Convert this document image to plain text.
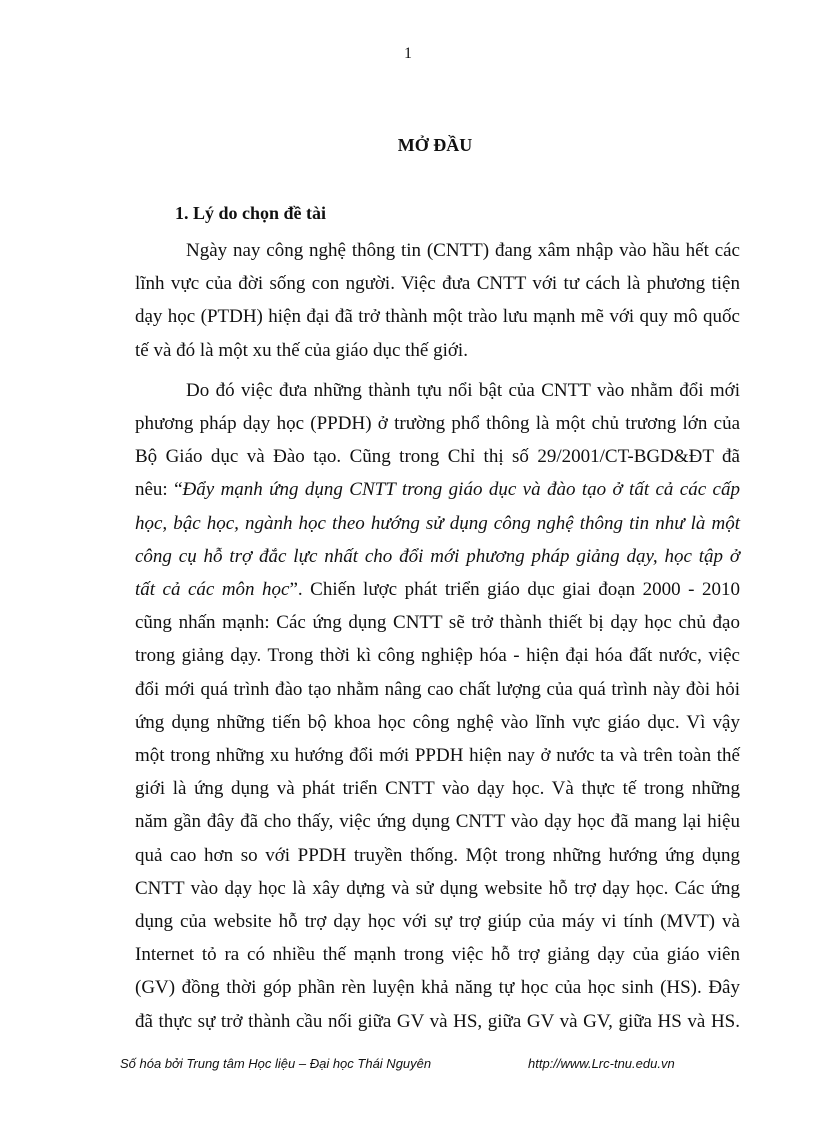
1
MỞ ĐẦU
1. Lý do chọn đề tài
Ngày nay công nghệ thông tin (CNTT) đang xâm nhập vào hầu hết các
lĩnh vực của đời sống con người. Việc đưa CNTT với tư cách là phương tiện
dạy học (PTDH) hiện đại đã trở thành một trào lưu mạnh mẽ với quy mô quốc
tế và đó là một xu thế của giáo dục thế giới.
Do đó việc đưa những thành tựu nổi bật của CNTT vào nhằm đổi mới
phương pháp dạy học (PPDH) ở trường phổ thông là một chủ trương lớn của
Bộ Giáo dục và Đào tạo. Cũng trong Chỉ thị số 29/2001/CT-BGD&ĐT đã
nêu: “Đẩy mạnh ứng dụng CNTT trong giáo dục và đào tạo ở tất cả các cấp
học, bậc học, ngành học theo hướng sử dụng công nghệ thông tin như là một
công cụ hỗ trợ đắc lực nhất cho đổi mới phương pháp giảng dạy, học tập ở
tất cả các môn học”. Chiến lược phát triển giáo dục giai đoạn 2000 - 2010
cũng nhấn mạnh: Các ứng dụng CNTT sẽ trở thành thiết bị dạy học chủ đạo
trong giảng dạy. Trong thời kì công nghiệp hóa - hiện đại hóa đất nước, việc
đổi mới quá trình đào tạo nhằm nâng cao chất lượng của quá trình này đòi hỏi
ứng dụng những tiến bộ khoa học công nghệ vào lĩnh vực giáo dục. Vì vậy
một trong những xu hướng đổi mới PPDH hiện nay ở nước ta và trên toàn thế
giới là ứng dụng và phát triển CNTT vào dạy học. Và thực tế trong những
năm gần đây đã cho thấy, việc ứng dụng CNTT vào dạy học đã mang lại hiệu
quả cao hơn so với PPDH truyền thống. Một trong những hướng ứng dụng
CNTT vào dạy học là xây dựng và sử dụng website hỗ trợ dạy học. Các ứng
dụng của website hỗ trợ dạy học với sự trợ giúp của máy vi tính (MVT) và
Internet tỏ ra có nhiều thế mạnh trong việc hỗ trợ giảng dạy của giáo viên
(GV) đồng thời góp phần rèn luyện khả năng tự học của học sinh (HS). Đây
đã thực sự trở thành cầu nối giữa GV và HS, giữa GV và GV, giữa HS và HS.
Số hóa bởi Trung tâm Học liệu – Đại học Thái Nguyên	http://www.Lrc-tnu.edu.vn
